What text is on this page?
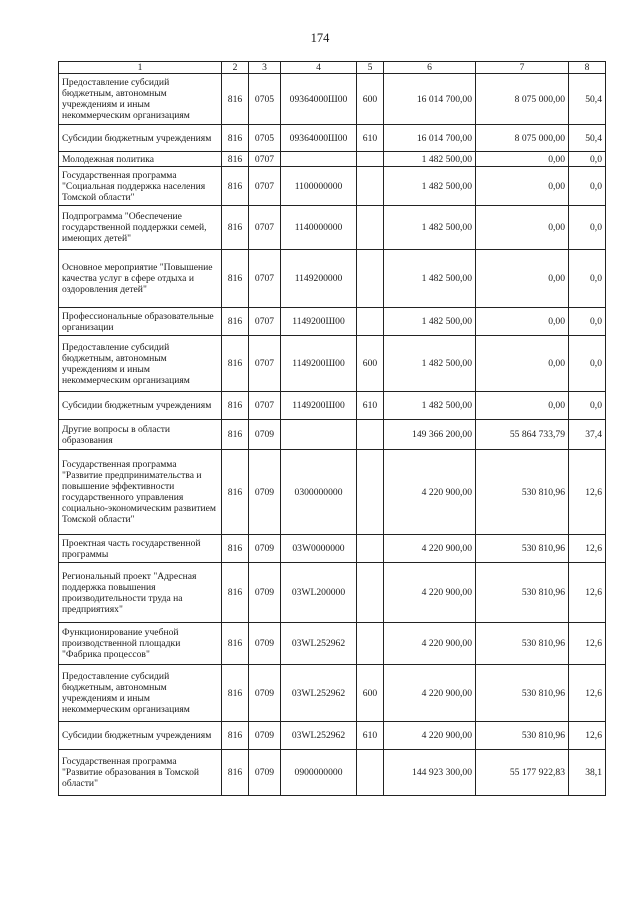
174
1	2	3	4	5	6	7	8
Предоставление субсидий бюджетным, автономным учреждениям и иным некоммерческим организациям	816	0705	09364000Ш00	600	16 014 700,00	8 075 000,00	50,4
Субсидии бюджетным учреждениям	816	0705	09364000Ш00	610	16 014 700,00	8 075 000,00	50,4
Молодежная политика	816	0707			1 482 500,00	0,00	0,0
Государственная программа "Социальная поддержка населения Томской области"	816	0707	1100000000		1 482 500,00	0,00	0,0
Подпрограмма "Обеспечение государственной поддержки семей, имеющих детей"	816	0707	1140000000		1 482 500,00	0,00	0,0
Основное мероприятие "Повышение качества услуг в сфере отдыха и оздоровления детей"	816	0707	1149200000		1 482 500,00	0,00	0,0
Профессиональные образовательные организации	816	0707	1149200Ш00		1 482 500,00	0,00	0,0
Предоставление субсидий бюджетным, автономным учреждениям и иным некоммерческим организациям	816	0707	1149200Ш00	600	1 482 500,00	0,00	0,0
Субсидии бюджетным учреждениям	816	0707	1149200Ш00	610	1 482 500,00	0,00	0,0
Другие вопросы в области образования	816	0709			149 366 200,00	55 864 733,79	37,4
Государственная программа "Развитие предпринимательства и повышение эффективности государственного управления социально-экономическим развитием Томской области"	816	0709	0300000000		4 220 900,00	530 810,96	12,6
Проектная часть государственной программы	816	0709	03W0000000		4 220 900,00	530 810,96	12,6
Региональный проект "Адресная поддержка повышения производительности труда на предприятиях"	816	0709	03WL200000		4 220 900,00	530 810,96	12,6
Функционирование учебной производственной площадки "Фабрика процессов"	816	0709	03WL252962		4 220 900,00	530 810,96	12,6
Предоставление субсидий бюджетным, автономным учреждениям и иным некоммерческим организациям	816	0709	03WL252962	600	4 220 900,00	530 810,96	12,6
Субсидии бюджетным учреждениям	816	0709	03WL252962	610	4 220 900,00	530 810,96	12,6
Государственная программа "Развитие образования в Томской области"	816	0709	0900000000		144 923 300,00	55 177 922,83	38,1
